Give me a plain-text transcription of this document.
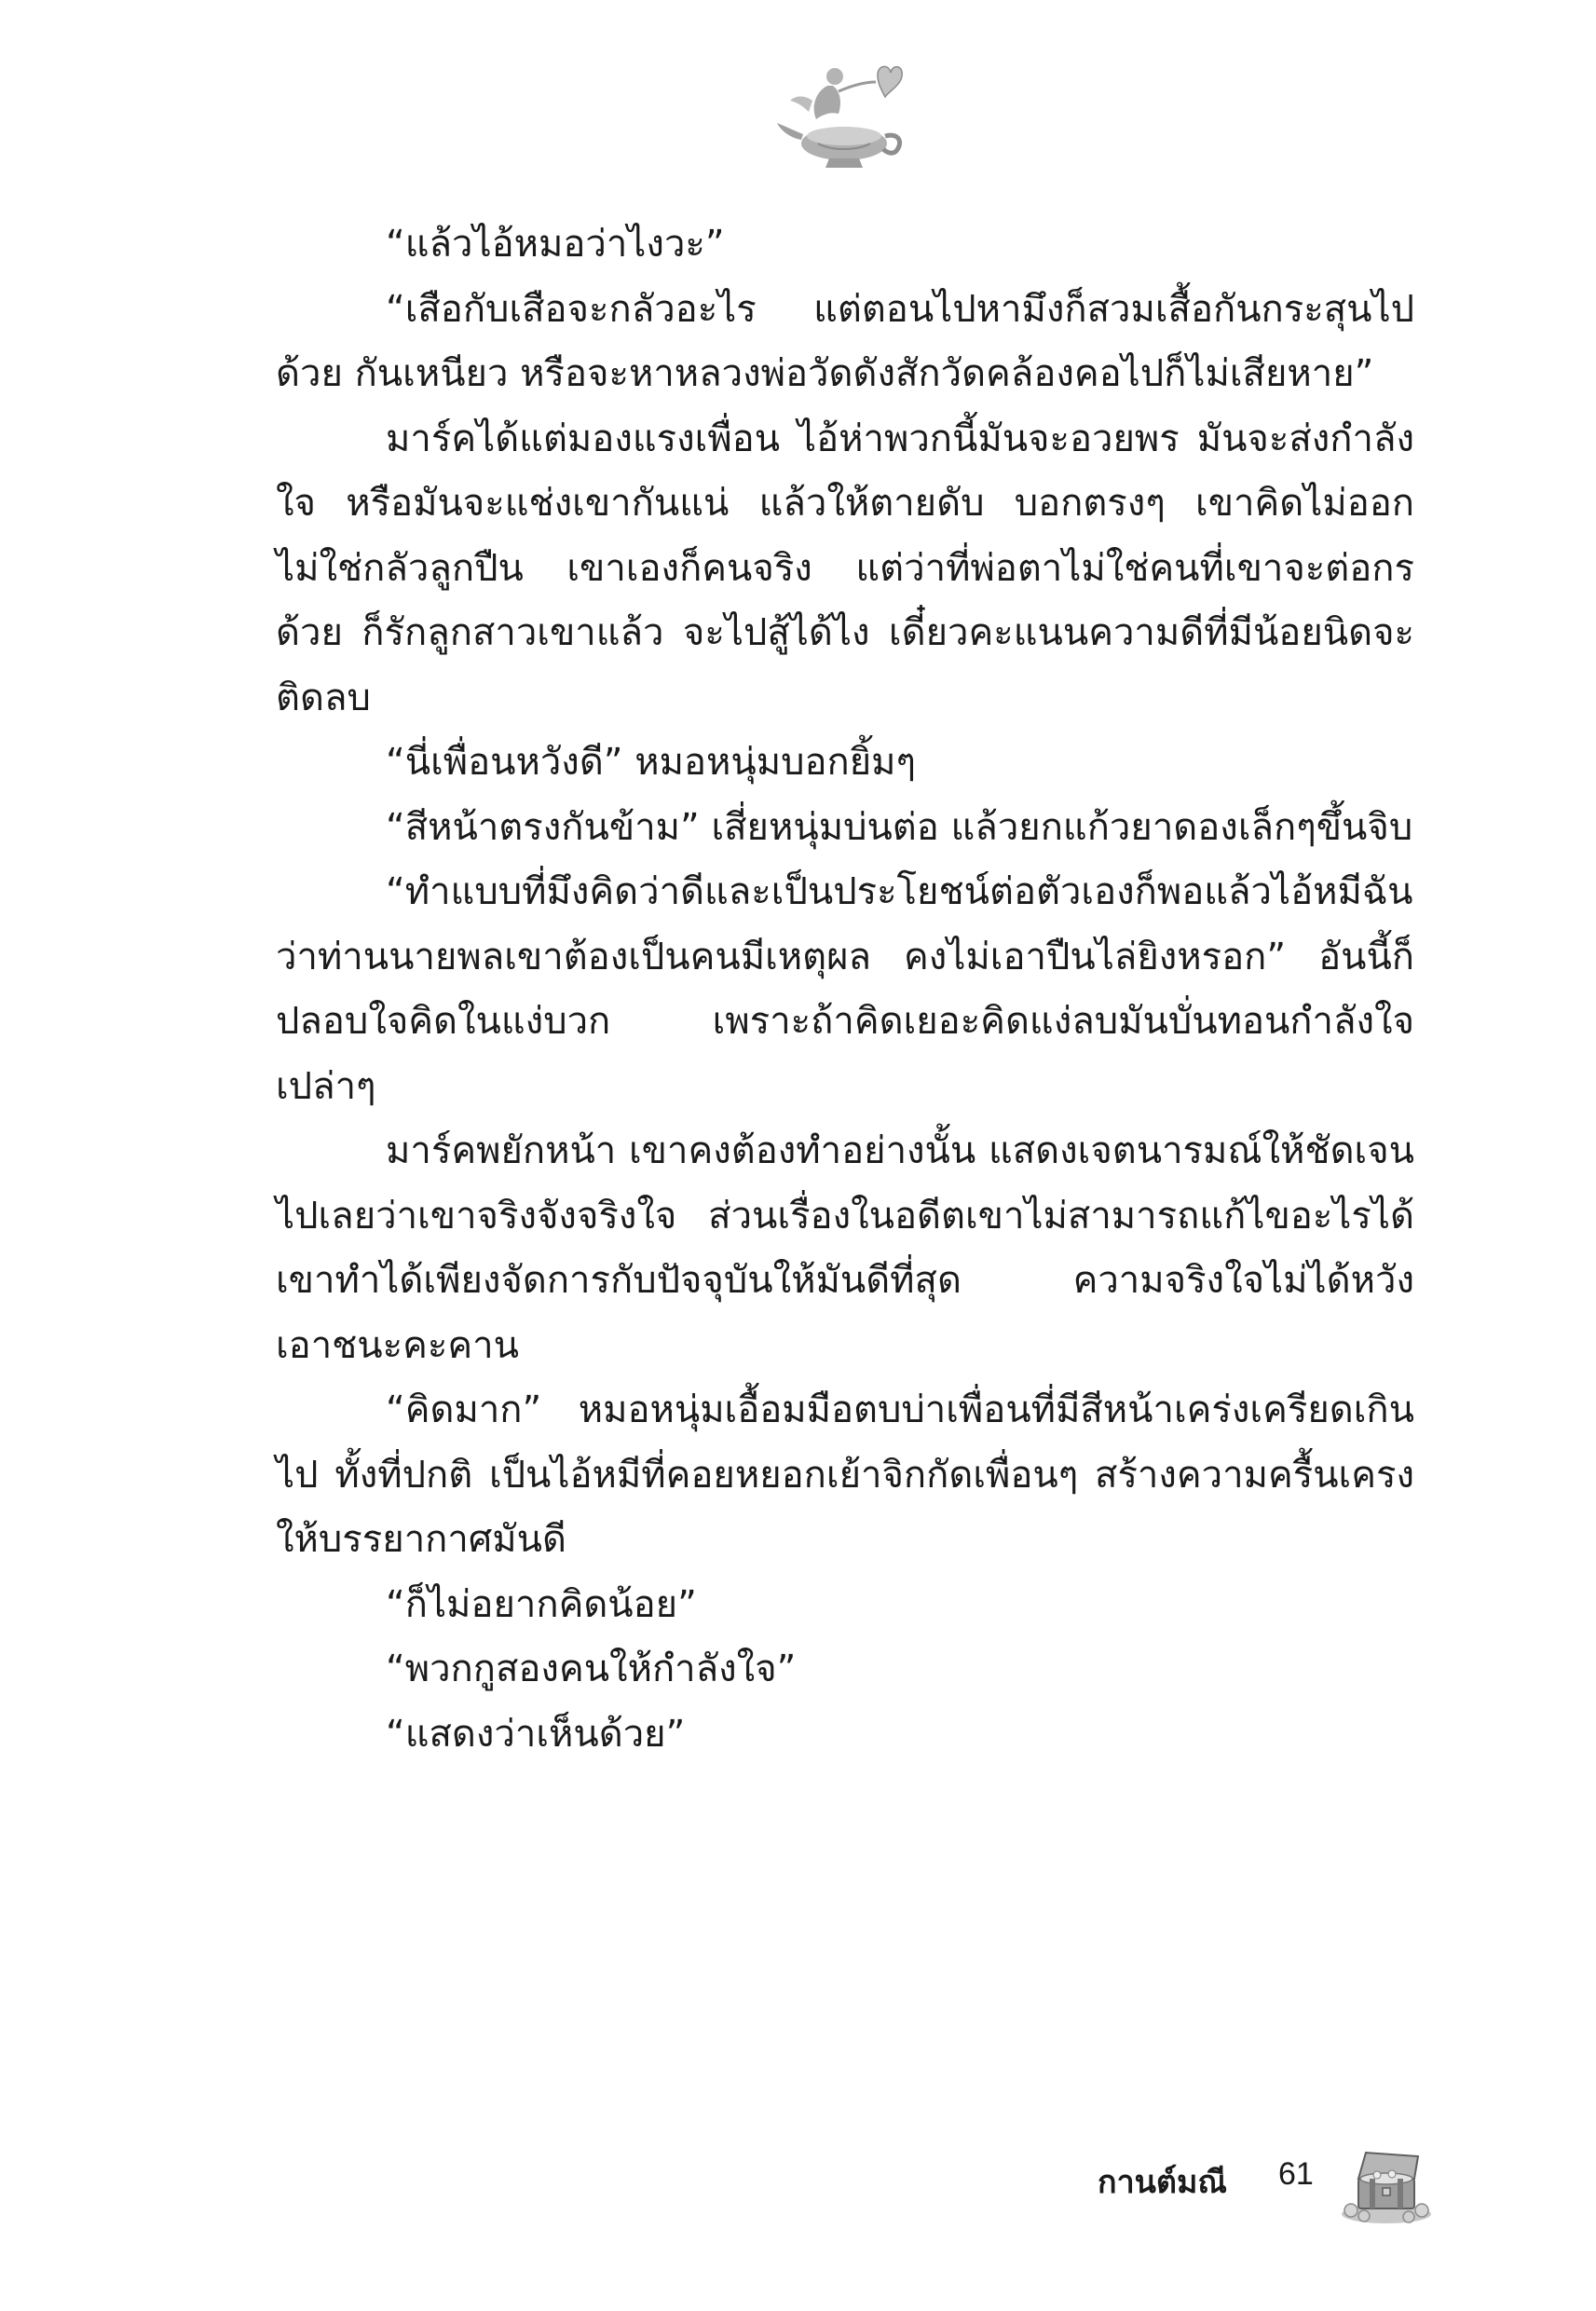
“แล้วไอ้หมอว่าไงวะ”

“เสือกับเสือจะกลัวอะไร แต่ตอนไปหามึงก็สวมเสื้อกันกระสุนไปด้วย กันเหนียว หรือจะหาหลวงพ่อวัดดังสักวัดคล้องคอไปก็ไม่เสียหาย”

มาร์คได้แต่มองแรงเพื่อน ไอ้ห่าพวกนี้มันจะอวยพร มันจะส่งกำลังใจ หรือมันจะแช่งเขากันแน่ แล้วให้ตายดับ บอกตรงๆ เขาคิดไม่ออก ไม่ใช่กลัวลูกปืน เขาเองก็คนจริง แต่ว่าที่พ่อตาไม่ใช่คนที่เขาจะต่อกรด้วย ก็รักลูกสาวเขาแล้ว จะไปสู้ได้ไง เดี๋ยวคะแนนความดีที่มีน้อยนิดจะติดลบ

“นี่เพื่อนหวังดี” หมอหนุ่มบอกยิ้มๆ

“สีหน้าตรงกันข้าม” เสี่ยหนุ่มบ่นต่อ แล้วยกแก้วยาดองเล็กๆขึ้นจิบ

“ทำแบบที่มึงคิดว่าดีและเป็นประโยชน์ต่อตัวเองก็พอแล้วไอ้หมีฉันว่าท่านนายพลเขาต้องเป็นคนมีเหตุผล คงไม่เอาปืนไล่ยิงหรอก” อันนี้ก็ปลอบใจคิดในแง่บวก เพราะถ้าคิดเยอะคิดแง่ลบมันบั่นทอนกำลังใจเปล่าๆ

มาร์คพยักหน้า เขาคงต้องทำอย่างนั้น แสดงเจตนารมณ์ให้ชัดเจนไปเลยว่าเขาจริงจังจริงใจ ส่วนเรื่องในอดีตเขาไม่สามารถแก้ไขอะไรได้ เขาทำได้เพียงจัดการกับปัจจุบันให้มันดีที่สุด ความจริงใจไม่ได้หวังเอาชนะคะคาน

“คิดมาก” หมอหนุ่มเอื้อมมือตบบ่าเพื่อนที่มีสีหน้าเคร่งเครียดเกินไป ทั้งที่ปกติ เป็นไอ้หมีที่คอยหยอกเย้าจิกกัดเพื่อนๆ สร้างความครื้นเครงให้บรรยากาศมันดี

“ก็ไม่อยากคิดน้อย”

“พวกกูสองคนให้กำลังใจ”

“แสดงว่าเห็นด้วย”

กานต์มณี 61
